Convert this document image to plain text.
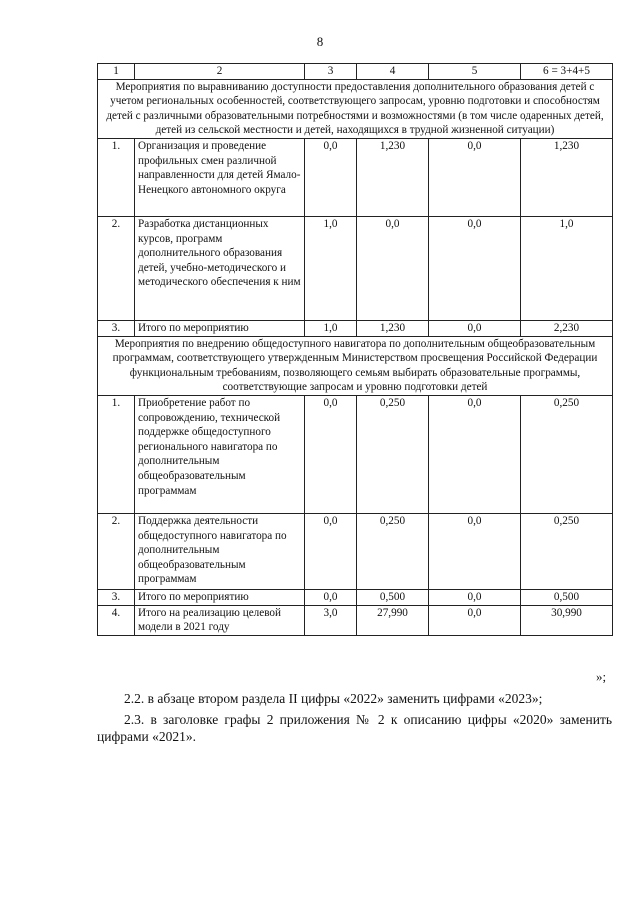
8
1	2	3	4	5	6 = 3+4+5
Мероприятия по выравниванию доступности предоставления дополнительного образования детей с учетом региональных особенностей, соответствующего запросам, уровню подготовки и способностям детей с различными образовательными потребностями и возможностями (в том числе одаренных детей, детей из сельской местности и детей, находящихся в трудной жизненной ситуации)					
1.	Организация и проведение профильных смен различной направленности для детей Ямало-Ненецкого автономного округа	0,0	1,230	0,0	1,230
2.	Разработка дистанционных курсов, программ дополнительного образования детей, учебно-методического и методического обеспечения к ним	1,0	0,0	0,0	1,0
3.	Итого по мероприятию	1,0	1,230	0,0	2,230
Мероприятия по внедрению общедоступного навигатора по дополнительным общеобразовательным программам, соответствующего утвержденным Министерством просвещения Российской Федерации функциональным требованиям, позволяющего семьям выбирать образовательные программы, соответствующие запросам и уровню подготовки детей					
1.	Приобретение работ по сопровождению, технической поддержке общедоступного регионального навигатора по дополнительным общеобразовательным программам	0,0	0,250	0,0	0,250
2.	Поддержка деятельности общедоступного навигатора по дополнительным общеобразовательным программам	0,0	0,250	0,0	0,250
3.	Итого по мероприятию	0,0	0,500	0,0	0,500
4.	Итого на реализацию целевой модели в 2021 году	3,0	27,990	0,0	30,990
»;
2.2. в абзаце втором раздела II цифры «2022» заменить цифрами «2023»;
2.3. в заголовке графы 2 приложения № 2 к описанию цифры «2020» заменить цифрами «2021».
